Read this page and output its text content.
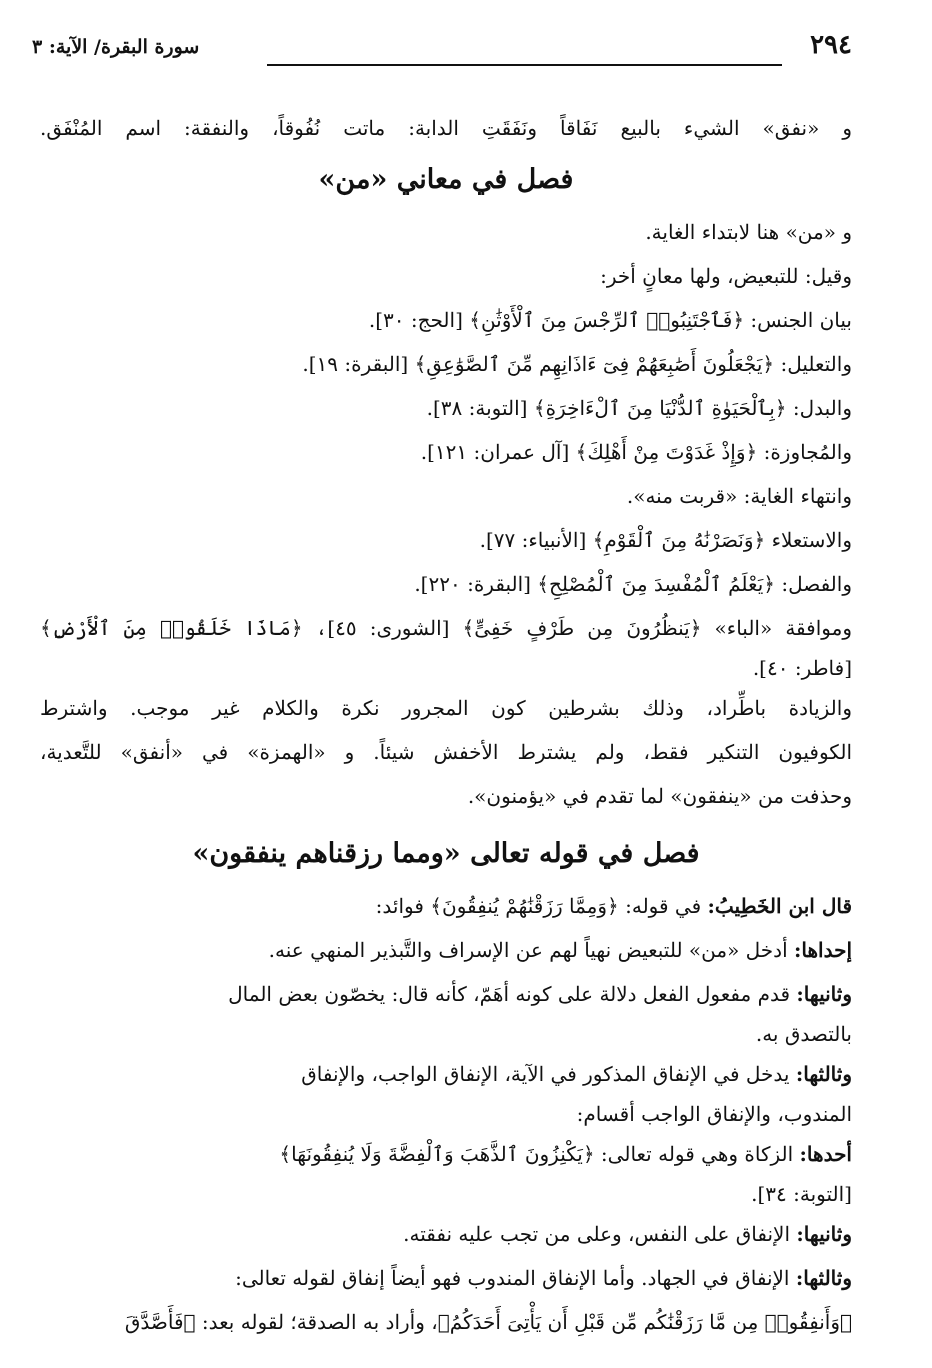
٢٩٤
سورة البقرة/ الآية: ٣
و «نفق» الشيء بالبيع نَفَاقاً ونَفَقَتِ الدابة: ماتت نُفُوقاً، والنفقة: اسم المُنْفَق.
فصل في معاني «من»
و «من» هنا لابتداء الغاية.
وقيل: للتبعيض، ولها معانٍ أخر:
بيان الجنس: ﴿فَٱجْتَنِبُوا۟ ٱلرِّجْسَ مِنَ ٱلْأَوْثَٰنِ﴾ [الحج: ٣٠].
والتعليل: ﴿يَجْعَلُونَ أَصَٰبِعَهُمْ فِىٓ ءَاذَانِهِم مِّنَ ٱلصَّوَٰعِقِ﴾ [البقرة: ١٩].
والبدل: ﴿بِٱلْحَيَوٰةِ ٱلدُّنْيَا مِنَ ٱلْءَاخِرَةِ﴾ [التوبة: ٣٨].
والمُجاوزة: ﴿وَإِذْ غَدَوْتَ مِنْ أَهْلِكَ﴾ [آل عمران: ١٢١].
وانتهاء الغاية: «قربت منه».
والاستعلاء ﴿وَنَصَرْنَٰهُ مِنَ ٱلْقَوْمِ﴾ [الأنبياء: ٧٧].
والفصل: ﴿يَعْلَمُ ٱلْمُفْسِدَ مِنَ ٱلْمُصْلِحِ﴾ [البقرة: ٢٢٠].
وموافقة «الباء» ﴿يَنظُرُونَ مِن طَرْفٍ خَفِىٍّ﴾ [الشورى: ٤٥]، ﴿مَاذَا خَلَقُوا۟ مِنَ ٱلْأَرْضِ﴾
[فاطر: ٤٠].
والزيادة باطِّراد، وذلك بشرطين كون المجرور نكرة والكلام غير موجب. واشترط
الكوفيون التنكير فقط، ولم يشترط الأخفش شيئاً. و «الهمزة» في «أنفق» للتَّعدية،
وحذفت من «ينفقون» لما تقدم في «يؤمنون».
فصل في قوله تعالى «ومما رزقناهم ينفقون»
قال ابن الخَطِيبُ: في قوله: ﴿وَمِمَّا رَزَقْنَٰهُمْ يُنفِقُونَ﴾ فوائد:
إحداها: أدخل «من» للتبعيض نهياً لهم عن الإسراف والتَّبذير المنهي عنه.
وثانيها: قدم مفعول الفعل دلالة على كونه أهَمّ، كأنه قال: يخصّون بعض المال
بالتصدق به.
وثالثها: يدخل في الإنفاق المذكور في الآية، الإنفاق الواجب، والإنفاق
المندوب، والإنفاق الواجب أقسام:
أحدها: الزكاة وهي قوله تعالى: ﴿يَكْنِزُونَ ٱلذَّهَبَ وَٱلْفِضَّةَ وَلَا يُنفِقُونَهَا﴾
[التوبة: ٣٤].
وثانيها: الإنفاق على النفس، وعلى من تجب عليه نفقته.
وثالثها: الإنفاق في الجهاد. وأما الإنفاق المندوب فهو أيضاً إنفاق لقوله تعالى:
﴿وَأَنفِقُوا۟ مِن مَّا رَزَقْنَٰكُم مِّن قَبْلِ أَن يَأْتِىَ أَحَدَكُمُ﴾، وأراد به الصدقة؛ لقوله بعد: ﴿فَأَصَّدَّقَ
